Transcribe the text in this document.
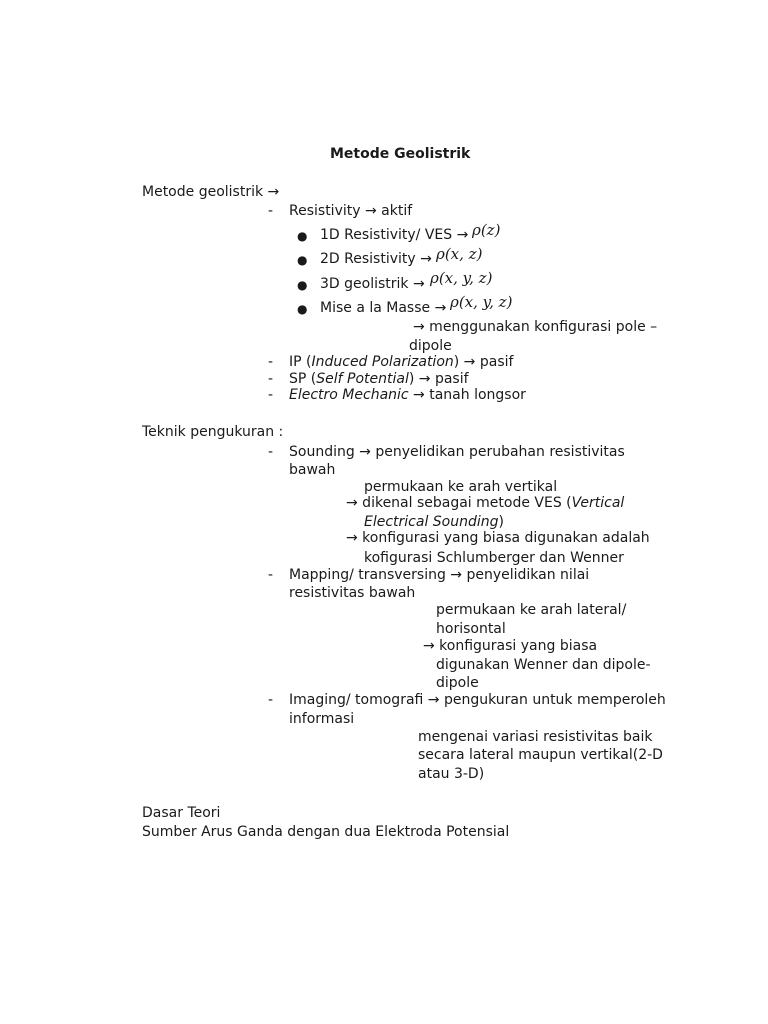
Metode Geolistrik
Metode geolistrik →
- Resistivity → aktif
● 1D Resistivity/ VES → ρ(z)
● 2D Resistivity → ρ(x, z)
● 3D geolistrik → ρ(x, y, z)
● Mise a la Masse → ρ(x, y, z)
→ menggunakan konfigurasi pole –
dipole
- IP (Induced Polarization) → pasif
- SP (Self Potential) → pasif
- Electro Mechanic → tanah longsor
Teknik pengukuran :
- Sounding → penyelidikan perubahan resistivitas
bawah
permukaan ke arah vertikal
→ dikenal sebagai metode VES (Vertical
Electrical Sounding)
→ konfigurasi yang biasa digunakan adalah
kofigurasi Schlumberger dan Wenner
- Mapping/ transversing → penyelidikan nilai
resistivitas bawah
permukaan ke arah lateral/
horisontal
→ konfigurasi yang biasa
digunakan Wenner dan dipole-
dipole
- Imaging/ tomografi → pengukuran untuk memperoleh
informasi
mengenai variasi resistivitas baik
secara lateral maupun vertikal(2-D
atau 3-D)
Dasar Teori
Sumber Arus Ganda dengan dua Elektroda Potensial
